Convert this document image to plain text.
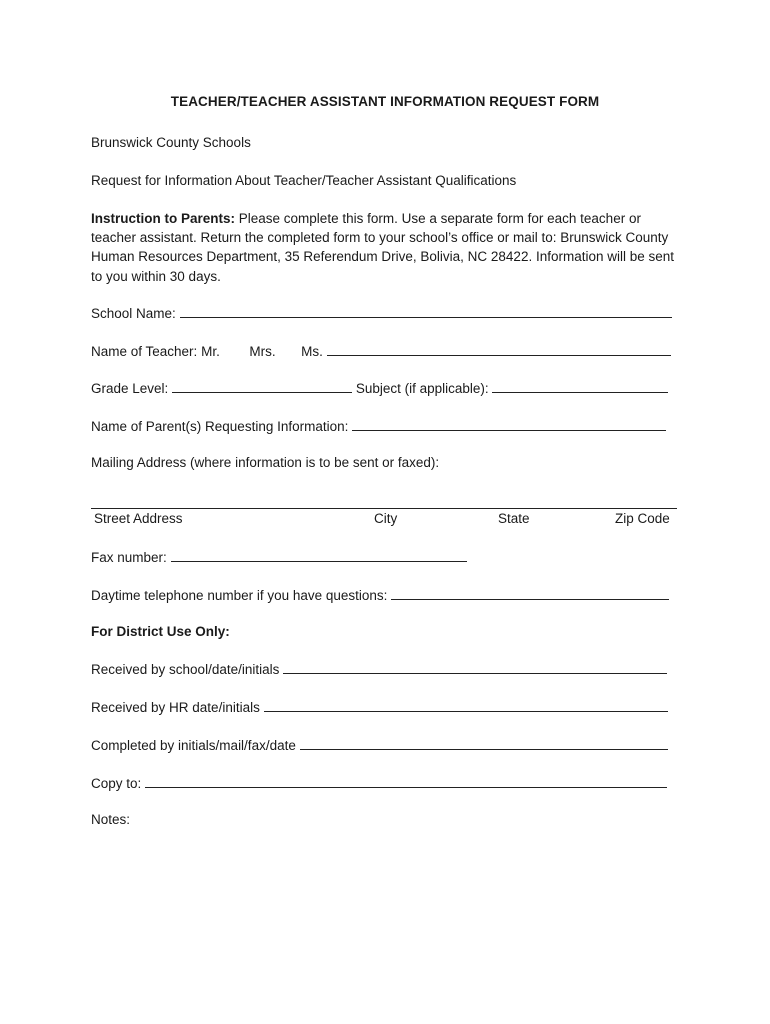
TEACHER/TEACHER ASSISTANT INFORMATION REQUEST FORM
Brunswick County Schools
Request for Information About Teacher/Teacher Assistant Qualifications
Instruction to Parents: Please complete this form. Use a separate form for each teacher or teacher assistant. Return the completed form to your school’s office or mail to: Brunswick County Human Resources Department, 35 Referendum Drive, Bolivia, NC 28422. Information will be sent to you within 30 days.
School Name:
Name of Teacher: Mr. Mrs. Ms.
Grade Level:	Subject (if applicable):
Name of Parent(s) Requesting Information:
Mailing Address (where information is to be sent or faxed):
Street Address	City	State	Zip Code
Fax number:
Daytime telephone number if you have questions:
For District Use Only:
Received by school/date/initials
Received by HR date/initials
Completed by initials/mail/fax/date
Copy to:
Notes:
